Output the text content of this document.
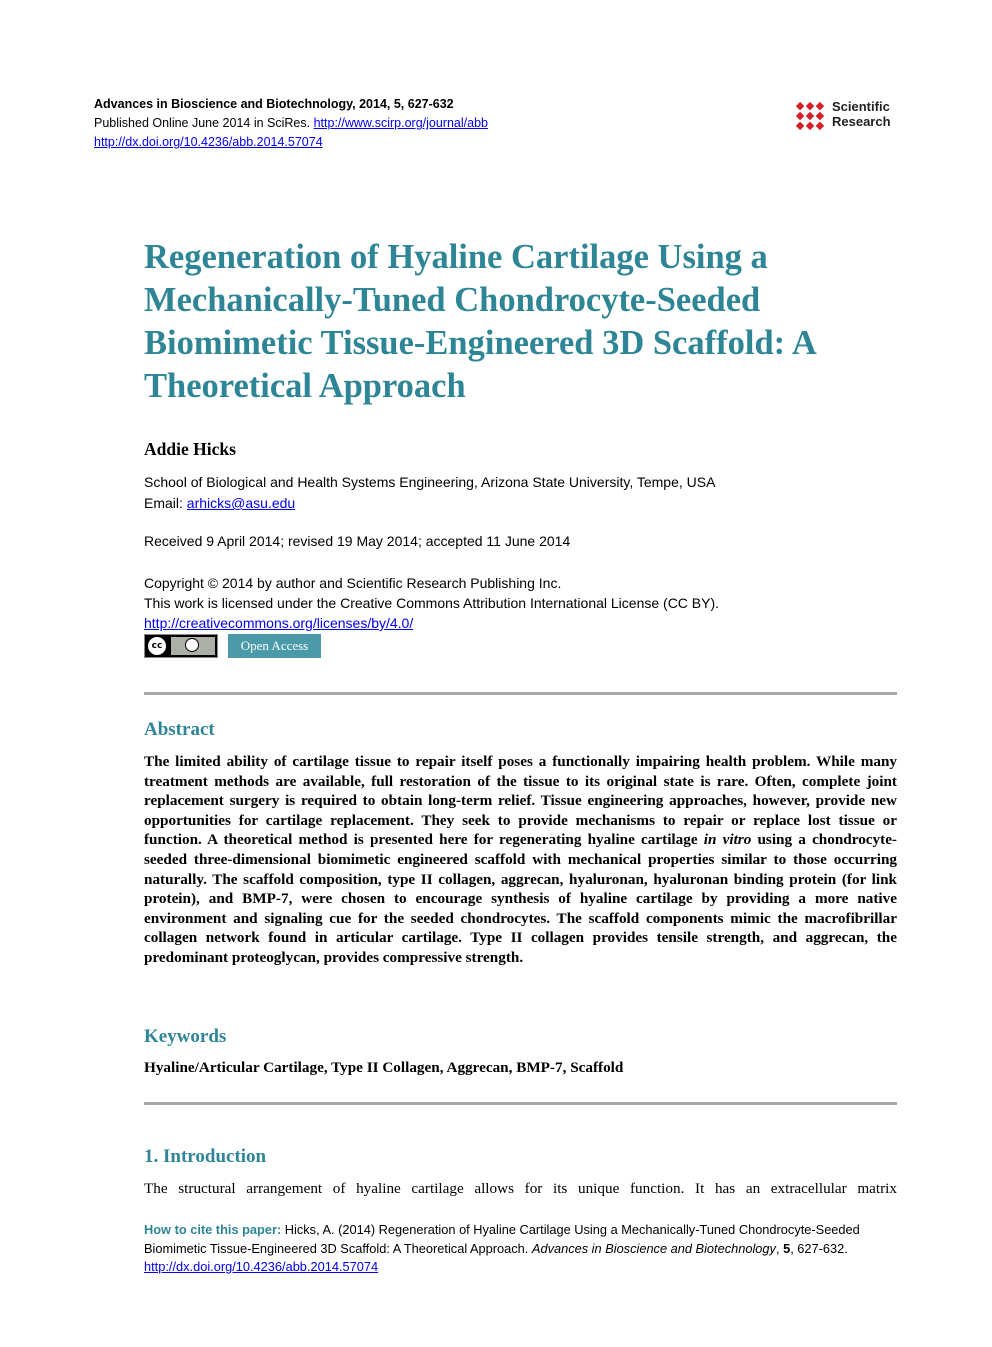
Advances in Bioscience and Biotechnology, 2014, 5, 627-632
Published Online June 2014 in SciRes. http://www.scirp.org/journal/abb
http://dx.doi.org/10.4236/abb.2014.57074
Scientific
Research
Regeneration of Hyaline Cartilage Using a Mechanically-Tuned Chondrocyte-Seeded Biomimetic Tissue-Engineered 3D Scaffold: A Theoretical Approach
Addie Hicks
School of Biological and Health Systems Engineering, Arizona State University, Tempe, USA
Email: arhicks@asu.edu
Received 9 April 2014; revised 19 May 2014; accepted 11 June 2014
Copyright © 2014 by author and Scientific Research Publishing Inc.
This work is licensed under the Creative Commons Attribution International License (CC BY).
http://creativecommons.org/licenses/by/4.0/
cc	Open Access
Abstract

The limited ability of cartilage tissue to repair itself poses a functionally impairing health problem. While many treatment methods are available, full restoration of the tissue to its original state is rare. Often, complete joint replacement surgery is required to obtain long-term relief. Tissue engineering approaches, however, provide new opportunities for cartilage replacement. They seek to provide mechanisms to repair or replace lost tissue or function. A theoretical method is presented here for regenerating hyaline cartilage in vitro using a chondrocyte-seeded three-dimensional biomimetic engineered scaffold with mechanical properties similar to those occurring naturally. The scaffold composition, type II collagen, aggrecan, hyaluronan, hyaluronan binding protein (for link protein), and BMP-7, were chosen to encourage synthesis of hyaline cartilage by providing a more native environment and signaling cue for the seeded chondrocytes. The scaffold components mimic the macrofibrillar collagen network found in articular cartilage. Type II collagen provides tensile strength, and aggrecan, the predominant proteoglycan, provides compressive strength.

Keywords
Hyaline/Articular Cartilage, Type II Collagen, Aggrecan, BMP-7, Scaffold
1. Introduction

The structural arrangement of hyaline cartilage allows for its unique function. It has an extracellular matrix

How to cite this paper: Hicks, A. (2014) Regeneration of Hyaline Cartilage Using a Mechanically-Tuned Chondrocyte-Seeded Biomimetic Tissue-Engineered 3D Scaffold: A Theoretical Approach. Advances in Bioscience and Biotechnology, 5, 627-632.
http://dx.doi.org/10.4236/abb.2014.57074
